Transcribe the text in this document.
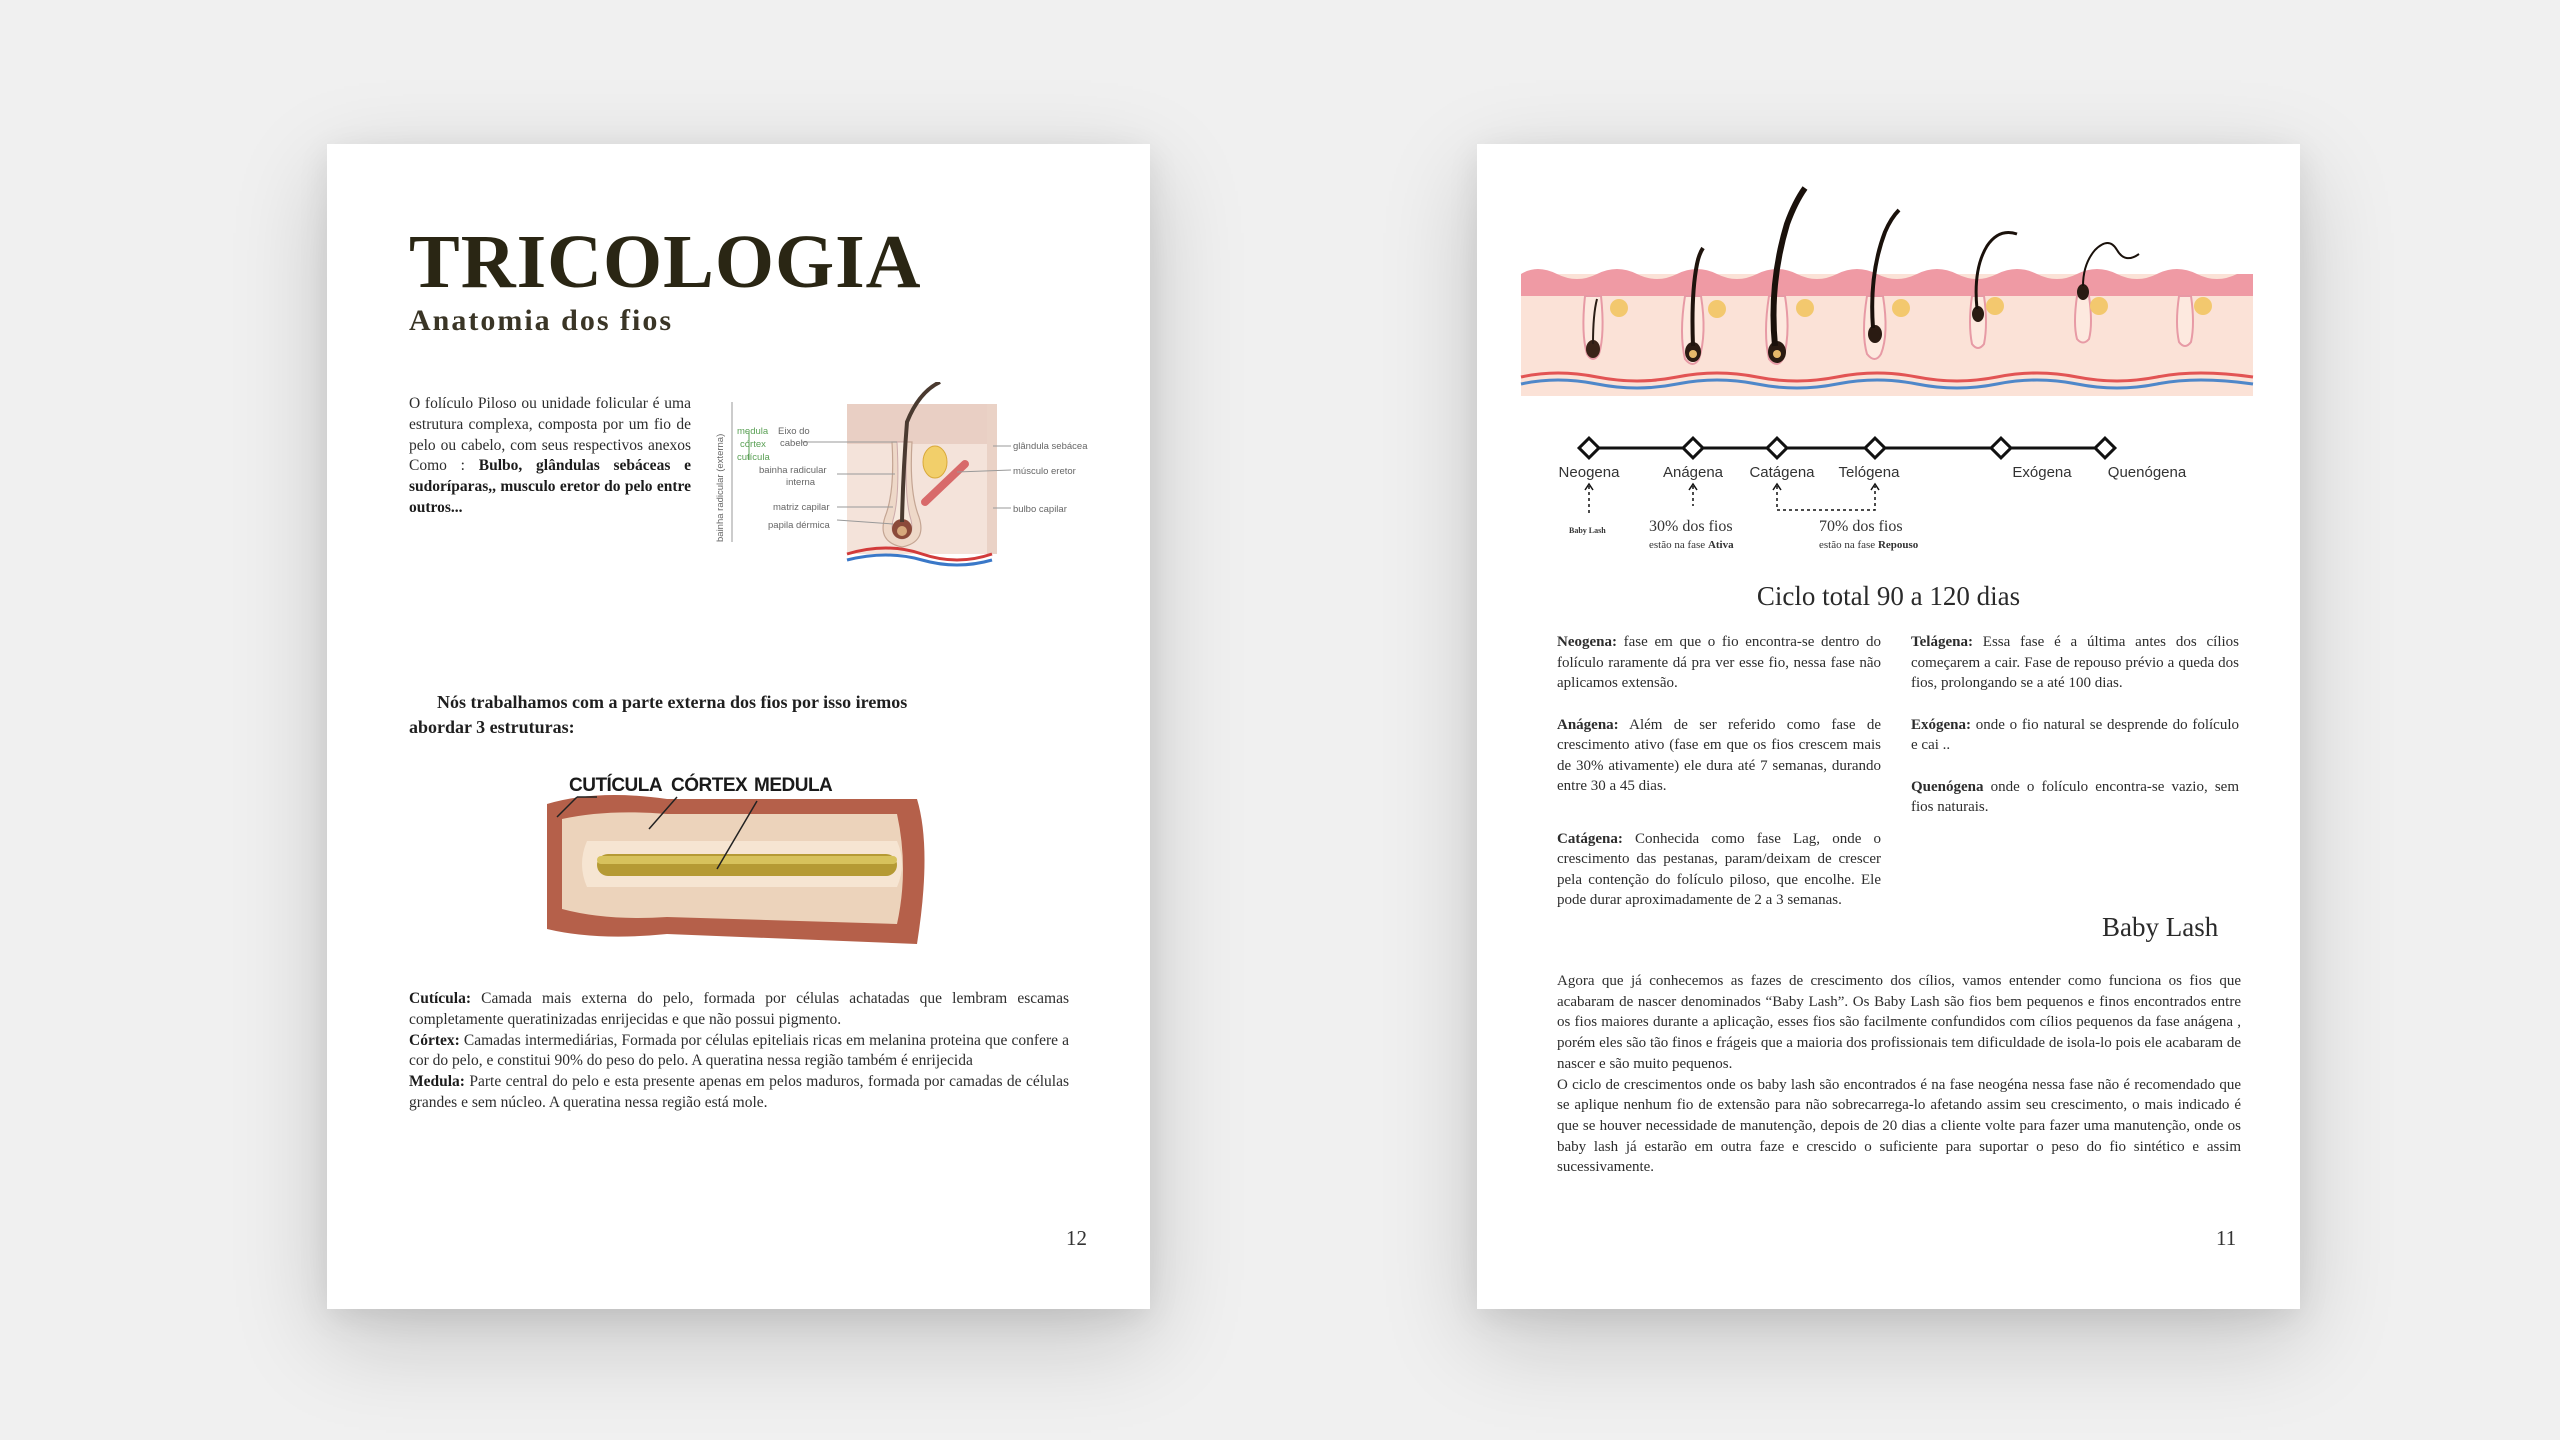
TRICOLOGIA
Anatomia dos fios
O folículo Piloso ou unidade folicular é uma estrutura complexa, composta por um fio de pelo ou cabelo, com seus respectivos anexos Como : Bulbo, glândulas sebáceas e sudoríparas,, musculo eretor do pelo entre outros...	bainha radicular (externa)
medula
córtex
cutícula
Eixo do
cabelo
bainha radicular
interna
matriz capilar
papila dérmica
glândula sebácea
músculo eretor
bulbo capilar
Nós trabalhamos com a parte externa dos fios por isso iremos abordar 3 estruturas:
CUTÍCULA CÓRTEX MEDULA
Cutícula: Camada mais externa do pelo, formada por células achatadas que lembram escamas completamente queratinizadas enrijecidas e que não possui pigmento.
Córtex: Camadas intermediárias, Formada por células epiteliais ricas em melanina proteina que confere a cor do pelo, e constitui 90% do peso do pelo. A queratina nessa região também é enrijecida
Medula: Parte central do pelo e esta presente apenas em pelos maduros, formada por camadas de células grandes e sem núcleo. A queratina nessa região está mole.
12
Neogena	Anágena Catágena Telógena	Exógena Quenógena
Baby Lash	30% dos fios
estão na fase Ativa
70% dos fios
estão na fase Repouso
Ciclo total 90 a 120 dias

Neogena: fase em que o fio encontra-se dentro do folículo raramente dá pra ver esse fio, nessa fase não aplicamos extensão.

Anágena: Além de ser referido como fase de crescimento ativo (fase em que os fios crescem mais de 30% ativamente) ele dura até 7 semanas, durando entre 30 a 45 dias.

Catágena: Conhecida como fase Lag, onde o crescimento das pestanas, param/deixam de crescer pela contenção do folículo piloso, que encolhe. Ele pode durar aproximadamente de 2 a 3 semanas.

Telágena: Essa fase é a última antes dos cílios começarem a cair. Fase de repouso prévio a queda dos fios, prolongando se a até 100 dias.

Exógena: onde o fio natural se desprende do folículo e cai ..

Quenógena onde o folículo encontra-se vazio, sem fios naturais.

Baby Lash

Agora que já conhecemos as fazes de crescimento dos cílios, vamos entender como funciona os fios que acabaram de nascer denominados “Baby Lash”. Os Baby Lash são fios bem pequenos e finos encontrados entre os fios maiores durante a aplicação, esses fios são facilmente confundidos com cílios pequenos da fase anágena , porém eles são tão finos e frágeis que a maioria dos profissionais tem dificuldade de isola-lo pois ele acabaram de nascer e são muito pequenos.

O ciclo de crescimentos onde os baby lash são encontrados é na fase neogéna nessa fase não é recomendado que se aplique nenhum fio de extensão para não sobrecarrega-lo afetando assim seu crescimento, o mais indicado é que se houver necessidade de manutenção, depois de 20 dias a cliente volte para fazer uma manutenção, onde os baby lash já estarão em outra faze e crescido o suficiente para suportar o peso do fio sintético e assim sucessivamente.

11
